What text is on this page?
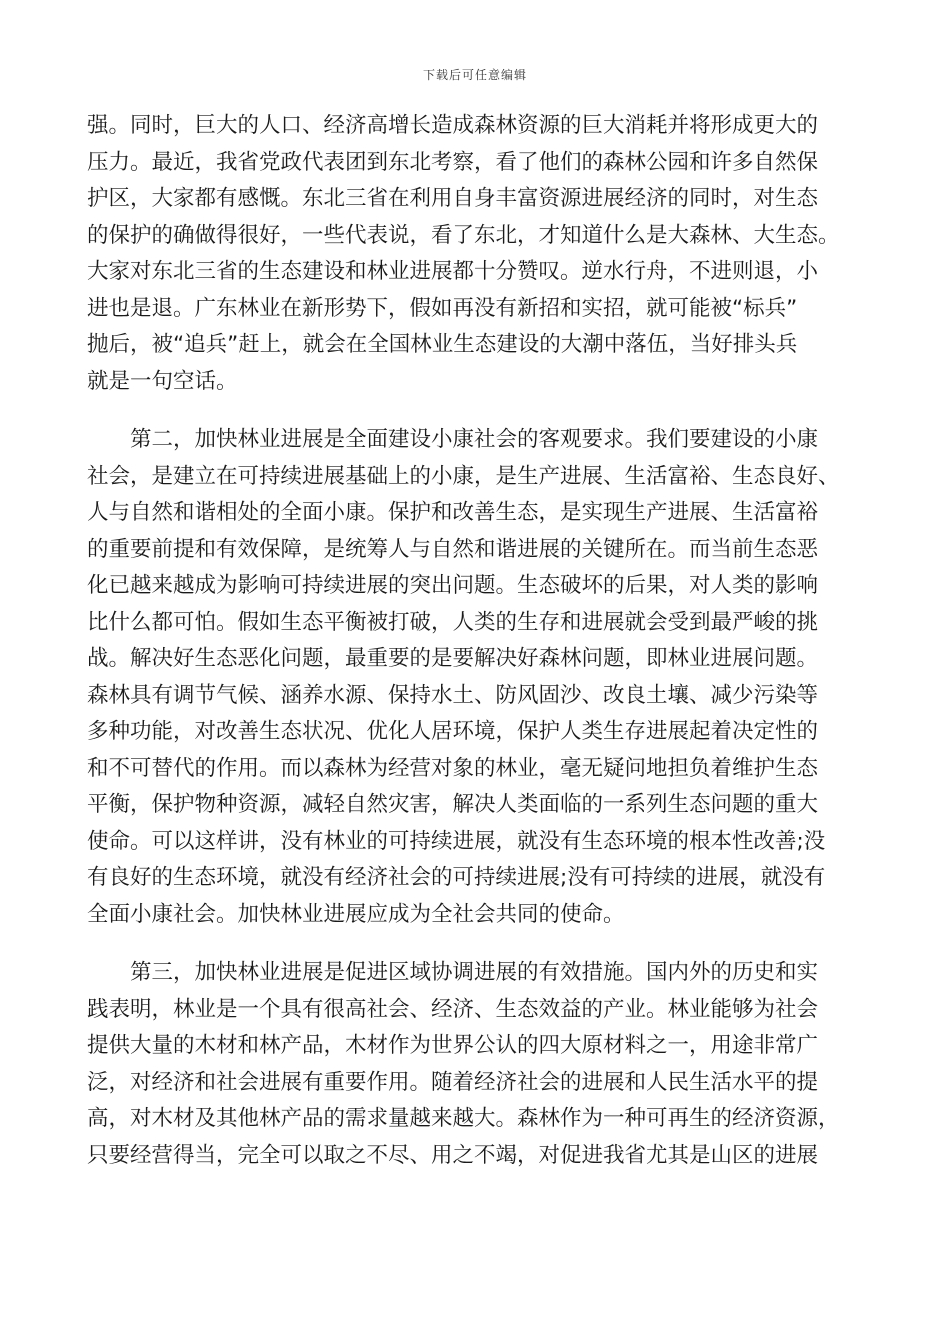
下载后可任意编辑
强。同时，巨大的人口、经济高增长造成森林资源的巨大消耗并将形成更大的
压力。最近，我省党政代表团到东北考察，看了他们的森林公园和许多自然保
护区，大家都有感慨。东北三省在利用自身丰富资源进展经济的同时，对生态
的保护的确做得很好，一些代表说，看了东北，才知道什么是大森林、大生态。
大家对东北三省的生态建设和林业进展都十分赞叹。逆水行舟，不进则退，小
进也是退。广东林业在新形势下，假如再没有新招和实招，就可能被“标兵”
抛后，被“追兵”赶上，就会在全国林业生态建设的大潮中落伍，当好排头兵
就是一句空话。
第二，加快林业进展是全面建设小康社会的客观要求。我们要建设的小康
社会，是建立在可持续进展基础上的小康，是生产进展、生活富裕、生态良好、
人与自然和谐相处的全面小康。保护和改善生态，是实现生产进展、生活富裕
的重要前提和有效保障，是统筹人与自然和谐进展的关键所在。而当前生态恶
化已越来越成为影响可持续进展的突出问题。生态破坏的后果，对人类的影响
比什么都可怕。假如生态平衡被打破，人类的生存和进展就会受到最严峻的挑
战。解决好生态恶化问题，最重要的是要解决好森林问题，即林业进展问题。
森林具有调节气候、涵养水源、保持水土、防风固沙、改良土壤、减少污染等
多种功能，对改善生态状况、优化人居环境，保护人类生存进展起着决定性的
和不可替代的作用。而以森林为经营对象的林业，毫无疑问地担负着维护生态
平衡，保护物种资源，减轻自然灾害，解决人类面临的一系列生态问题的重大
使命。可以这样讲，没有林业的可持续进展，就没有生态环境的根本性改善;没
有良好的生态环境，就没有经济社会的可持续进展;没有可持续的进展，就没有
全面小康社会。加快林业进展应成为全社会共同的使命。
第三，加快林业进展是促进区域协调进展的有效措施。国内外的历史和实
践表明，林业是一个具有很高社会、经济、生态效益的产业。林业能够为社会
提供大量的木材和林产品，木材作为世界公认的四大原材料之一，用途非常广
泛，对经济和社会进展有重要作用。随着经济社会的进展和人民生活水平的提
高，对木材及其他林产品的需求量越来越大。森林作为一种可再生的经济资源，
只要经营得当，完全可以取之不尽、用之不竭，对促进我省尤其是山区的进展
